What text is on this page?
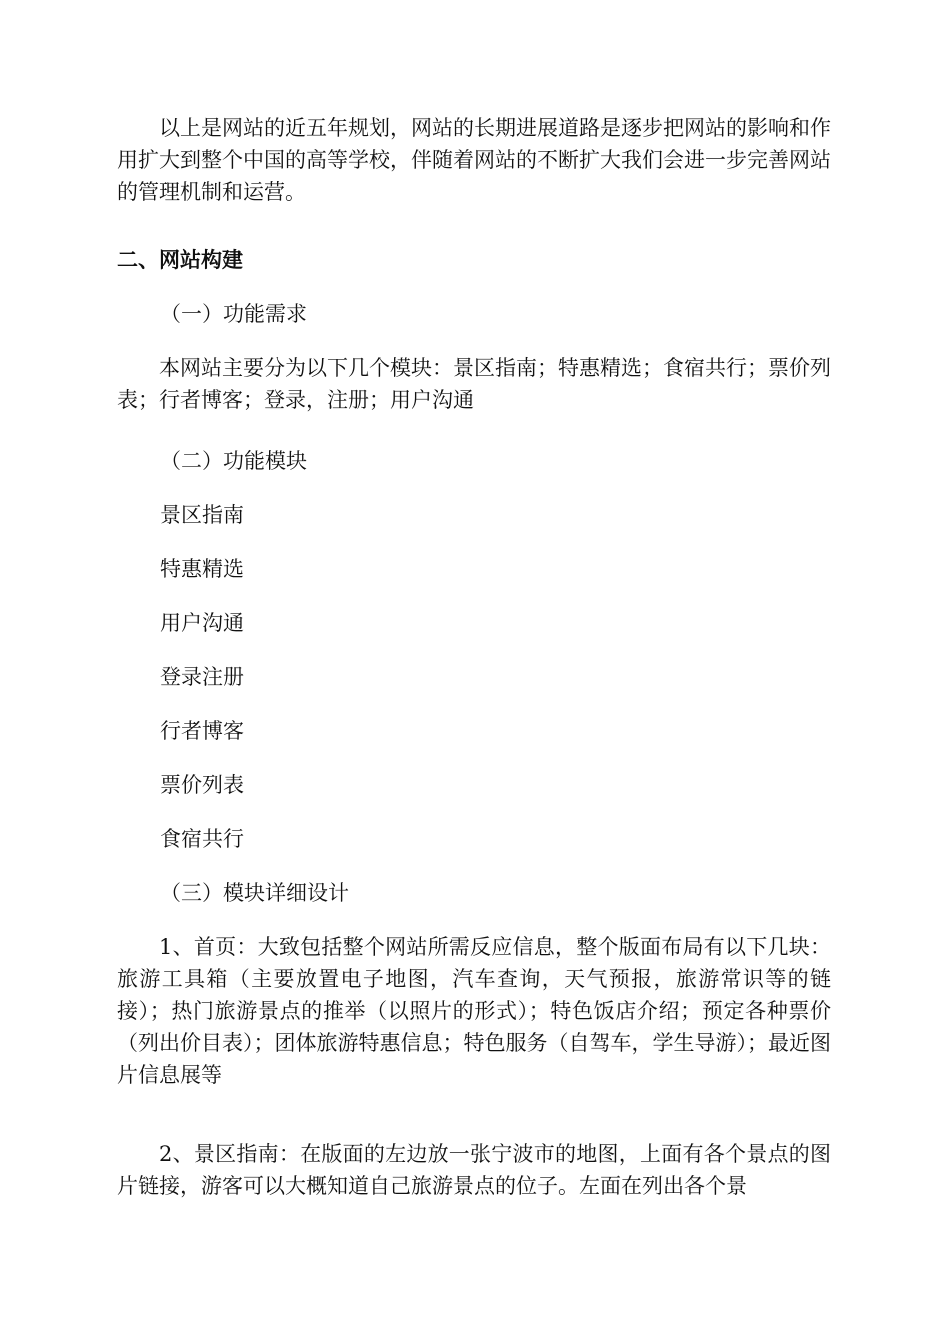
以上是网站的近五年规划，网站的长期进展道路是逐步把网站的影响和作用扩大到整个中国的高等学校，伴随着网站的不断扩大我们会进一步完善网站的管理机制和运营。

二、网站构建

（一）功能需求

本网站主要分为以下几个模块：景区指南；特惠精选；食宿共行；票价列表；行者博客；登录，注册；用户沟通

（二）功能模块

景区指南

特惠精选

用户沟通

登录注册

行者博客

票价列表

食宿共行

（三）模块详细设计

1、首页：大致包括整个网站所需反应信息，整个版面布局有以下几块：旅游工具箱（主要放置电子地图，汽车查询，天气预报，旅游常识等的链接）；热门旅游景点的推举（以照片的形式）；特色饭店介绍；预定各种票价（列出价目表）；团体旅游特惠信息；特色服务（自驾车，学生导游）；最近图片信息展等

2、景区指南：在版面的左边放一张宁波市的地图，上面有各个景点的图片链接，游客可以大概知道自己旅游景点的位子。左面在列出各个景
